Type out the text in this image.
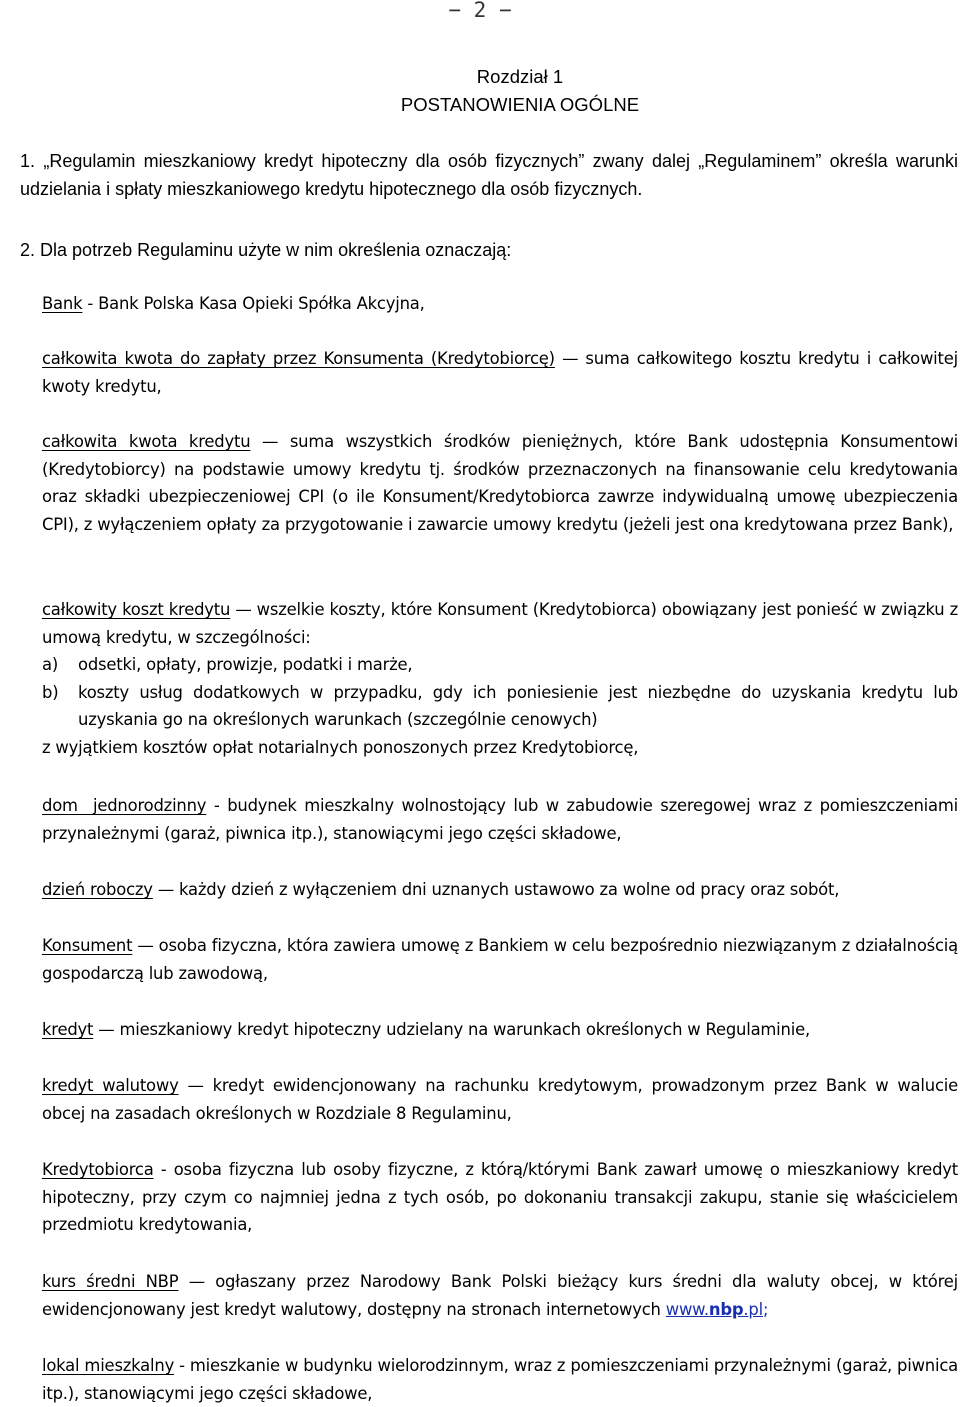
− 2 −
Rozdział 1
POSTANOWIENIA OGÓLNE
1. „Regulamin mieszkaniowy kredyt hipoteczny dla osób fizycznych” zwany dalej „Regulaminem” określa warunki udzielania i spłaty mieszkaniowego kredytu hipotecznego dla osób fizycznych.
2. Dla potrzeb Regulaminu użyte w nim określenia oznaczają:
Bank - Bank Polska Kasa Opieki Spółka Akcyjna,
całkowita kwota do zapłaty przez Konsumenta (Kredytobiorcę) — suma całkowitego kosztu kredytu i całkowitej kwoty kredytu,
całkowita kwota kredytu — suma wszystkich środków pieniężnych, które Bank udostępnia Konsumentowi (Kredytobiorcy) na podstawie umowy kredytu tj. środków przeznaczonych na finansowanie celu kredytowania oraz składki ubezpieczeniowej CPI (o ile Konsument/Kredytobiorca zawrze indywidualną umowę ubezpieczenia CPI), z wyłączeniem opłaty za przygotowanie i zawarcie umowy kredytu (jeżeli jest ona kredytowana przez Bank),
całkowity koszt kredytu — wszelkie koszty, które Konsument (Kredytobiorca) obowiązany jest ponieść w związku z umową kredytu, w szczególności:
a) odsetki, opłaty, prowizje, podatki i marże,
b) koszty usług dodatkowych w przypadku, gdy ich poniesienie jest niezbędne do uzyskania kredytu lub uzyskania go na określonych warunkach (szczególnie cenowych)
z wyjątkiem kosztów opłat notarialnych ponoszonych przez Kredytobiorcę,
dom  jednorodzinny - budynek mieszkalny wolnostojący lub w zabudowie szeregowej wraz z pomieszczeniami przynależnymi (garaż, piwnica itp.), stanowiącymi jego części składowe,
dzień roboczy — każdy dzień z wyłączeniem dni uznanych ustawowo za wolne od pracy oraz sobót,
Konsument — osoba fizyczna, która zawiera umowę z Bankiem w celu bezpośrednio niezwiązanym z działalnością gospodarczą lub zawodową,
kredyt — mieszkaniowy kredyt hipoteczny udzielany na warunkach określonych w Regulaminie,
kredyt walutowy — kredyt ewidencjonowany na rachunku kredytowym, prowadzonym przez Bank w walucie obcej na zasadach określonych w Rozdziale 8 Regulaminu,
Kredytobiorca - osoba fizyczna lub osoby fizyczne, z którą/którymi Bank zawarł umowę o mieszkaniowy kredyt hipoteczny, przy czym co najmniej jedna z tych osób, po dokonaniu transakcji zakupu, stanie się właścicielem przedmiotu kredytowania,
kurs średni NBP — ogłaszany przez Narodowy Bank Polski bieżący kurs średni dla waluty obcej, w której ewidencjonowany jest kredyt walutowy, dostępny na stronach internetowych www.nbp.pl;
lokal mieszkalny - mieszkanie w budynku wielorodzinnym, wraz z pomieszczeniami przynależnymi (garaż, piwnica itp.), stanowiącymi jego części składowe,
